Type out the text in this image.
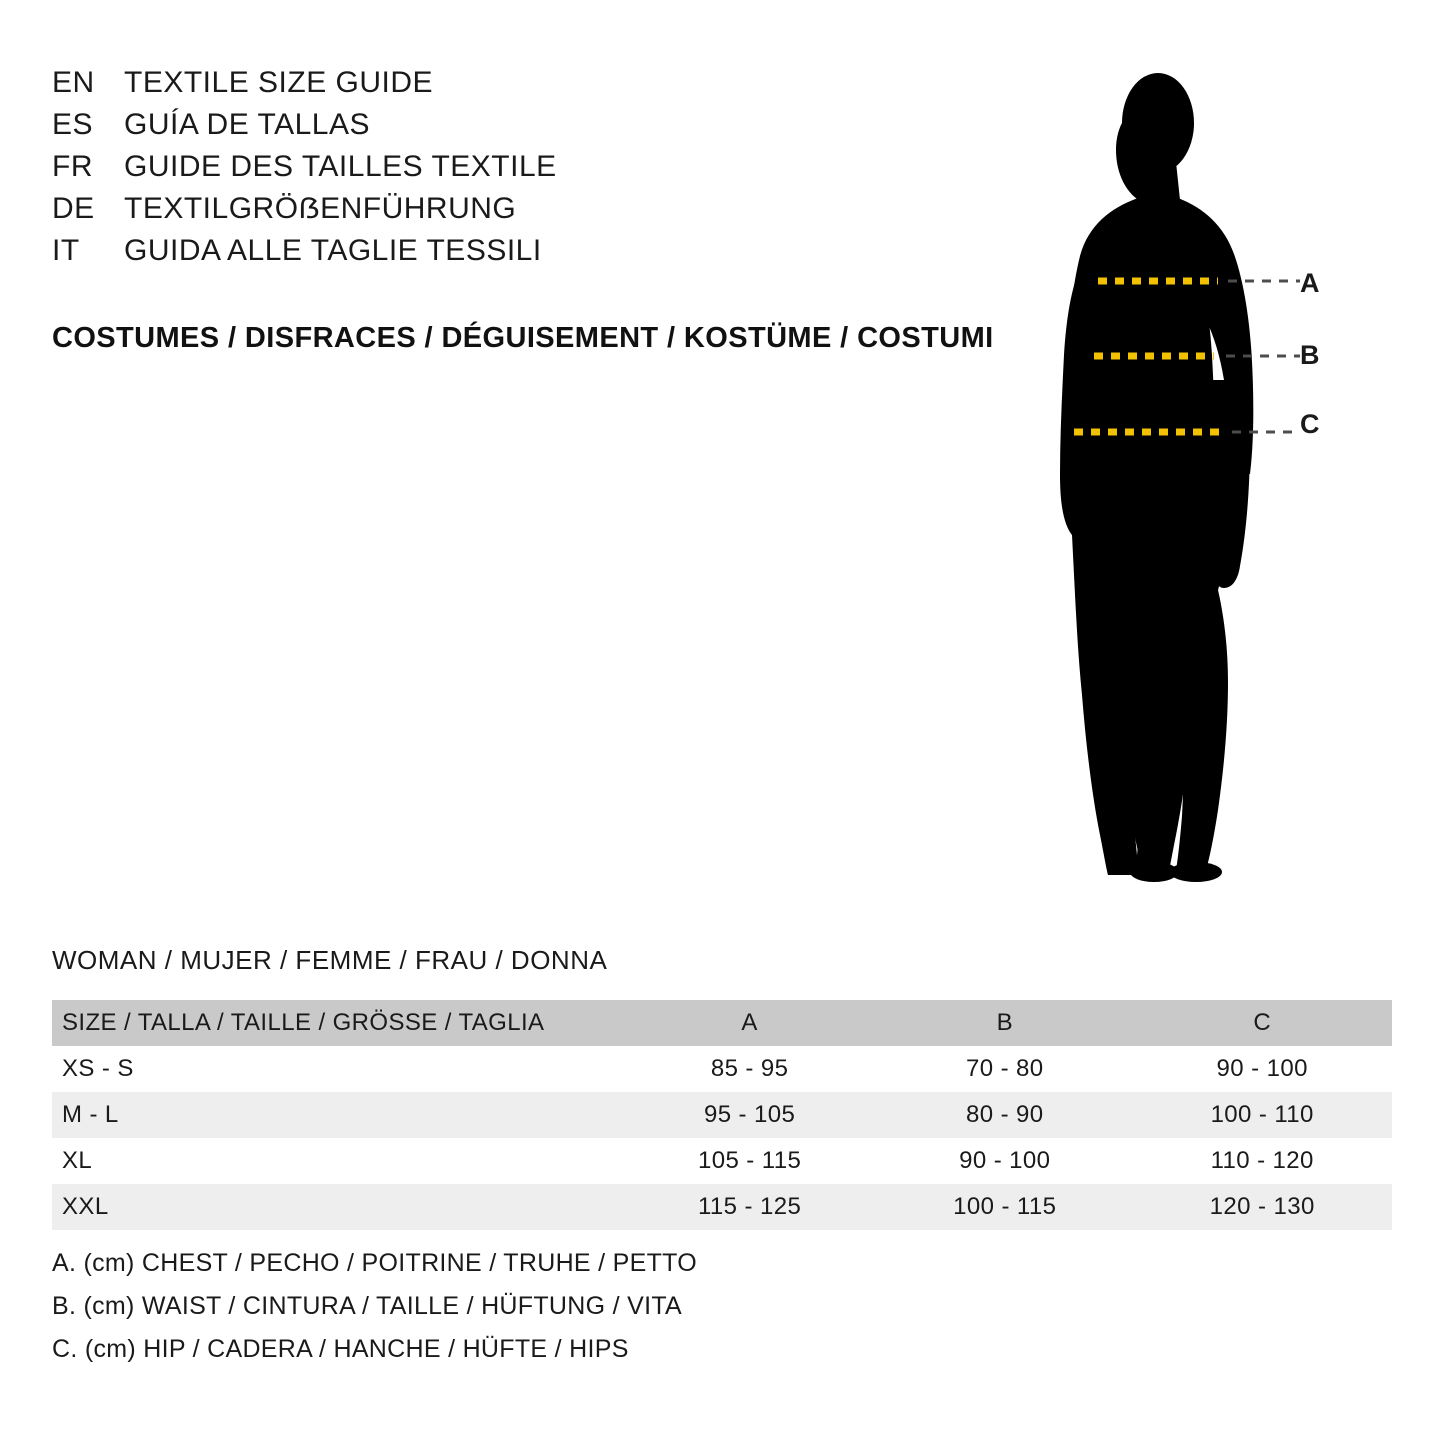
EN TEXTILE SIZE GUIDE
ES	GUÍA DE TALLAS
FR	GUIDE DES TAILLES TEXTILE
DE TEXTILGRÖẞENFÜHRUNG
IT	GUIDA ALLE TAGLIE TESSILI
COSTUMES / DISFRACES / DÉGUISEMENT / KOSTÜME / COSTUMI
A
B
C
WOMAN / MUJER / FEMME / FRAU / DONNA
SIZE / TALLA / TAILLE / GRÖSSE / TAGLIA	A	B	C
XS - S	85 - 95	70 - 80	90 - 100
M - L	95 - 105	80 - 90	100 - 110
XL	105 - 115	90 - 100	110 - 120
XXL	115 - 125	100 - 115	120 - 130
A. (cm) CHEST / PECHO / POITRINE / TRUHE / PETTO
B. (cm) WAIST / CINTURA / TAILLE / HÜFTUNG / VITA
C. (cm) HIP / CADERA / HANCHE / HÜFTE / HIPS
